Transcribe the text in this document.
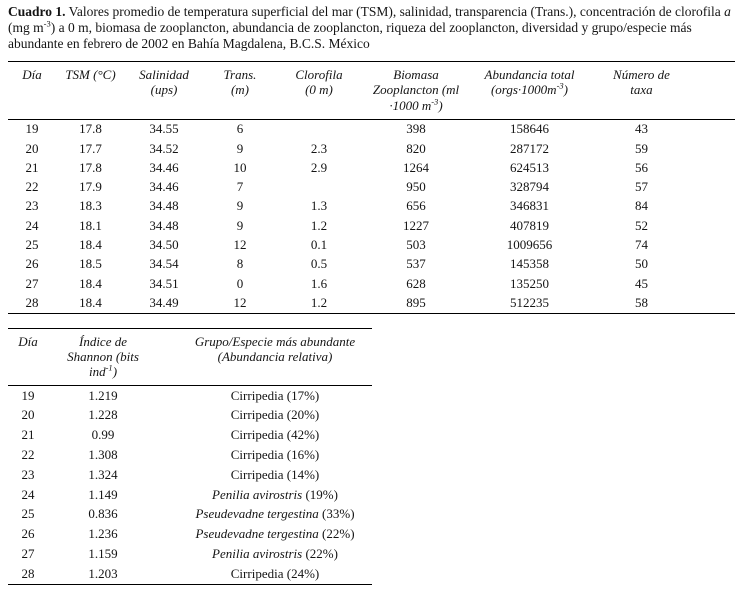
Cuadro 1. Valores promedio de temperatura superficial del mar (TSM), salinidad, transparencia (Trans.), concentración de clorofila a (mg $m^{-3}$) a 0 m, biomasa de zooplancton, abundancia de zooplancton, riqueza del zooplancton, diversidad y grupo/especie más abundante en febrero de 2002 en Bahía Magdalena, B.C.S. México

Día	TSM (°C)	Salinidad (ups)	Trans. (m)	Clorofila (0 m)	Biomasa Zooplancton (ml ·1000 $m^{-3}$)	Abundancia total $(orgs\cdot 1000m^{-3})$	Número de taxa

19	17.8	34.55	6		398	158646	43
20	17.7	34.52	9	2.3	820	287172	59
21	17.8	34.46	10	2.9	1264	624513	56
22	17.9	34.46	7		950	328794	57
23	18.3	34.48	9	1.3	656	346831	84
24	18.1	34.48	9	1.2	1227	407819	52
25	18.4	34.50	12	0.1	503	1009656	74
26	18.5	34.54	8	0.5	537	145358	50
27	18.4	34.51	0	1.6	628	135250	45
28	18.4	34.49	12	1.2	895	512235	58
Día	Índice de Shannon (bits ind$^{-1}$)	Grupo/Especie más abundante (Abundancia relativa)

19	1.219	Cirripedia (17%)
20	1.228	Cirripedia (20%)
21	0.99	Cirripedia (42%)
22	1.308	Cirripedia (16%)
23	1.324	Cirripedia (14%)
24	1.149	Penilia avirostris (19%)
25	0.836	Pseudevadne tergestina (33%)
26	1.236	Pseudevadne tergestina (22%)
27	1.159	Penilia avirostris (22%)
28	1.203	Cirripedia (24%)
